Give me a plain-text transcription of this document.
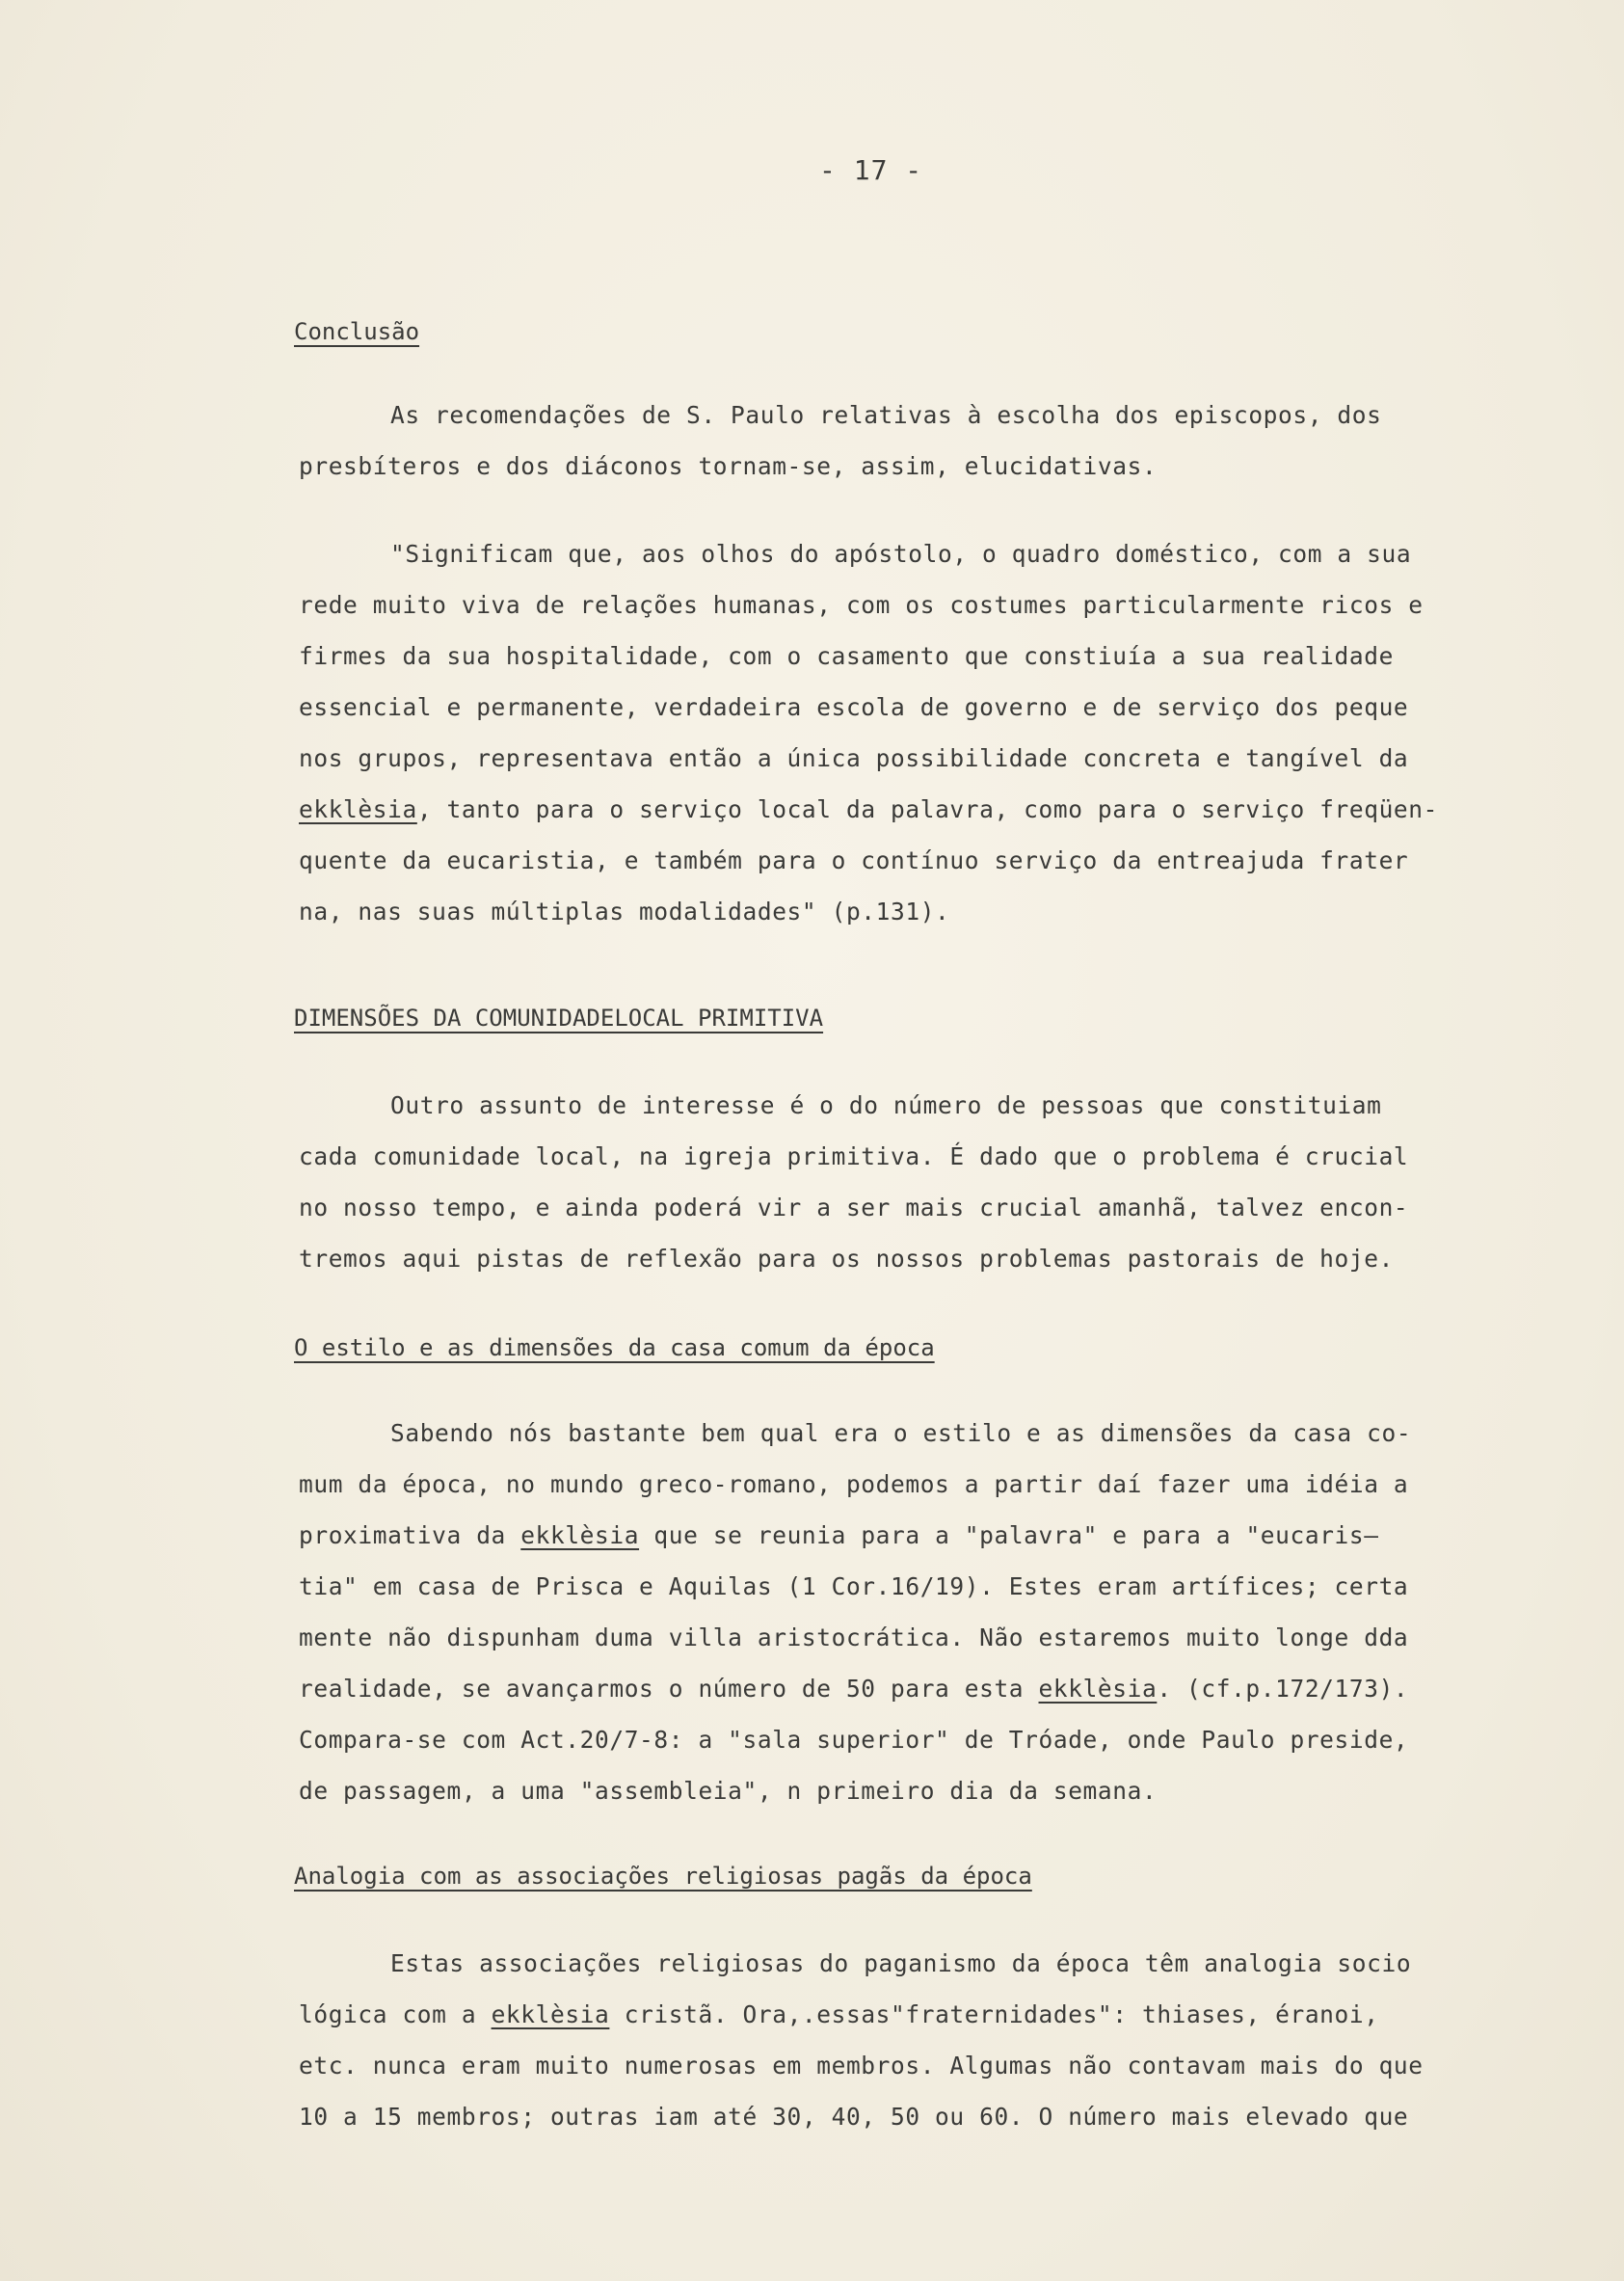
- 17 -
Conclusão
As recomendações de S. Paulo relativas à escolha dos episcopos, dos
presbíteros e dos diáconos tornam-se, assim, elucidativas.
"Significam que, aos olhos do apóstolo, o quadro doméstico, com a sua
rede muito viva de relações humanas, com os costumes particularmente ricos e
firmes da sua hospitalidade, com o casamento que constiuía a sua realidade
essencial e permanente, verdadeira escola de governo e de serviço dos peque
nos grupos, representava então a única possibilidade concreta e tangível da
ekklèsia, tanto para o serviço local da palavra, como para o serviço freqüen-
quente da eucaristia, e também para o contínuo serviço da entreajuda frater
na, nas suas múltiplas modalidades" (p.131).
DIMENSÕES DA COMUNIDADELOCAL PRIMITIVA
Outro assunto de interesse é o do número de pessoas que constituiam
cada comunidade local, na igreja primitiva. É dado que o problema é crucial
no nosso tempo, e ainda poderá vir a ser mais crucial amanhã, talvez encon-
tremos aqui pistas de reflexão para os nossos problemas pastorais de hoje.
O estilo e as dimensões da casa comum da época
Sabendo nós bastante bem qual era o estilo e as dimensões da casa co-
mum da época, no mundo greco-romano, podemos a partir daí fazer uma idéia a
proximativa da ekklèsia que se reunia para a "palavra" e para a "eucaris—
tia" em casa de Prisca e Aquilas (1 Cor.16/19). Estes eram artífices; certa
mente não dispunham duma villa aristocrática. Não estaremos muito longe dda
realidade, se avançarmos o número de 50 para esta ekklèsia. (cf.p.172/173).
Compara-se com Act.20/7-8: a "sala superior" de Tróade, onde Paulo preside,
de passagem, a uma "assembleia", n primeiro dia da semana.
Analogia com as associações religiosas pagãs da época
Estas associações religiosas do paganismo da época têm analogia socio
lógica com a ekklèsia cristã. Ora,.essas"fraternidades": thiases, éranoi,
etc. nunca eram muito numerosas em membros. Algumas não contavam mais do que
10 a 15 membros; outras iam até 30, 40, 50 ou 60. O número mais elevado que
